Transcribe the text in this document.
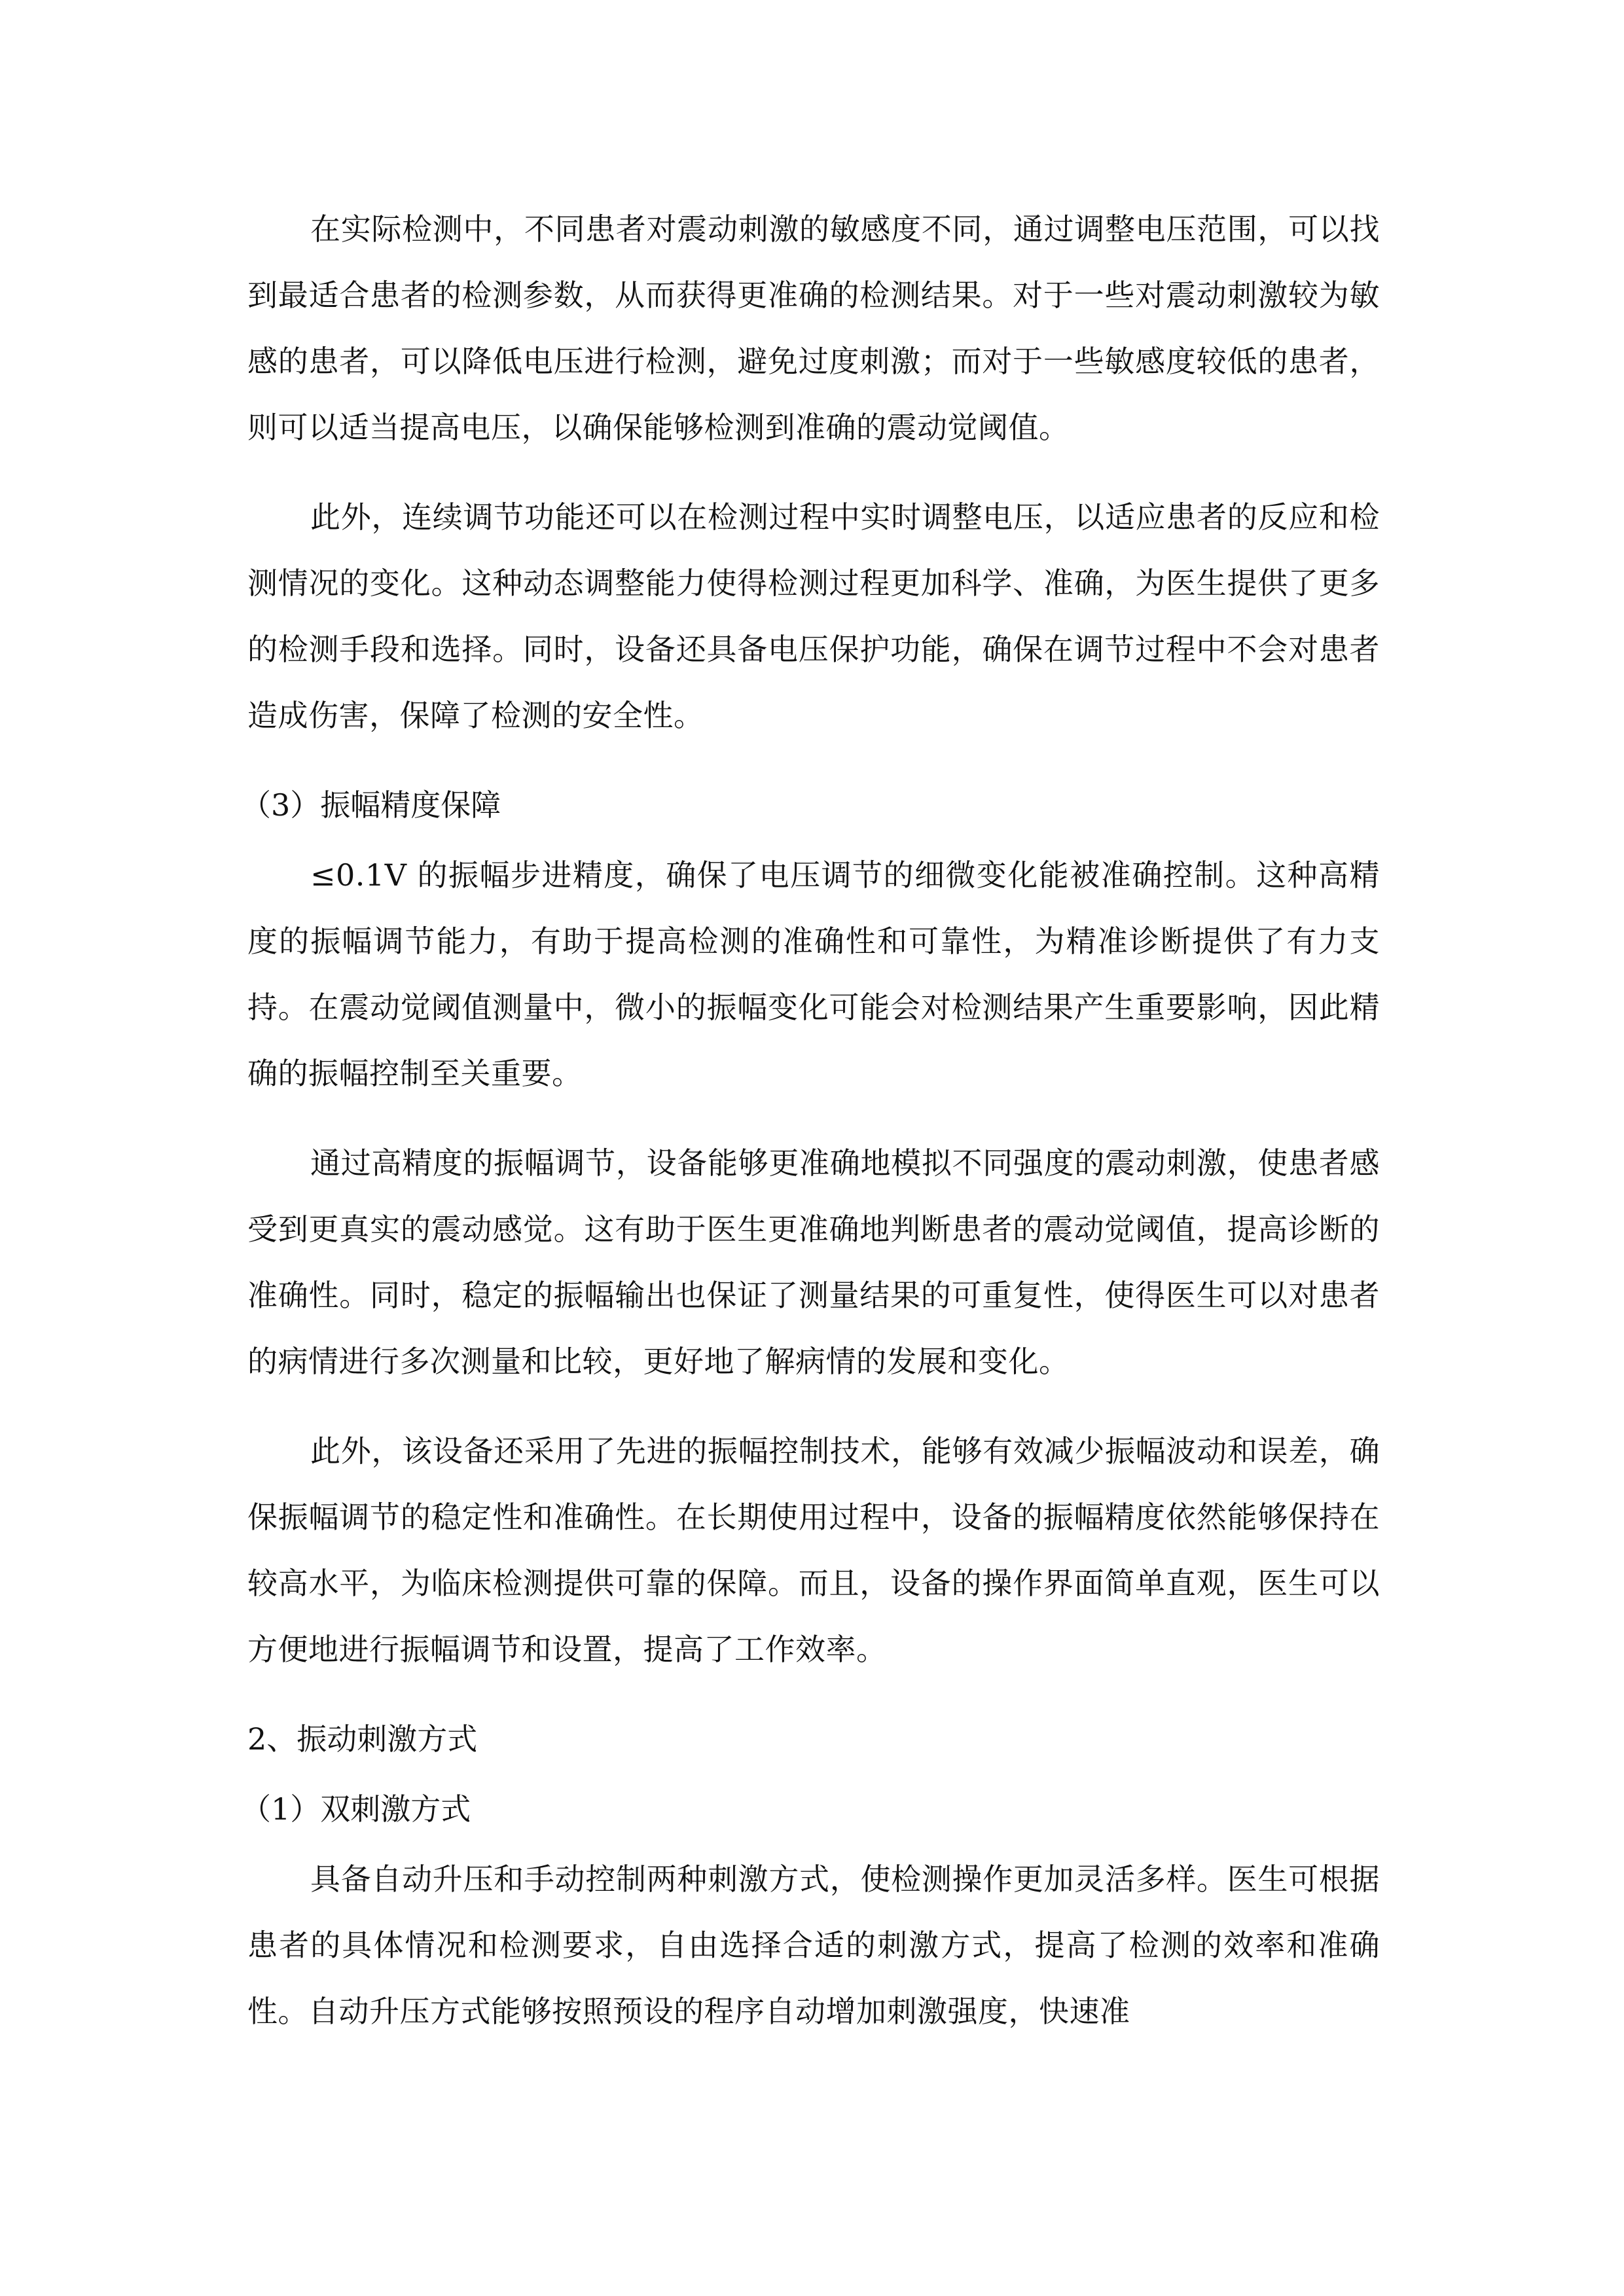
在实际检测中，不同患者对震动刺激的敏感度不同，通过调整电压范围，可以找到最适合患者的检测参数，从而获得更准确的检测结果。对于一些对震动刺激较为敏感的患者，可以降低电压进行检测，避免过度刺激；而对于一些敏感度较低的患者，则可以适当提高电压，以确保能够检测到准确的震动觉阈值。

此外，连续调节功能还可以在检测过程中实时调整电压，以适应患者的反应和检测情况的变化。这种动态调整能力使得检测过程更加科学、准确，为医生提供了更多的检测手段和选择。同时，设备还具备电压保护功能，确保在调节过程中不会对患者造成伤害，保障了检测的安全性。

（3）振幅精度保障

≤0.1V 的振幅步进精度，确保了电压调节的细微变化能被准确控制。这种高精度的振幅调节能力，有助于提高检测的准确性和可靠性，为精准诊断提供了有力支持。在震动觉阈值测量中，微小的振幅变化可能会对检测结果产生重要影响，因此精确的振幅控制至关重要。

通过高精度的振幅调节，设备能够更准确地模拟不同强度的震动刺激，使患者感受到更真实的震动感觉。这有助于医生更准确地判断患者的震动觉阈值，提高诊断的准确性。同时，稳定的振幅输出也保证了测量结果的可重复性，使得医生可以对患者的病情进行多次测量和比较，更好地了解病情的发展和变化。

此外，该设备还采用了先进的振幅控制技术，能够有效减少振幅波动和误差，确保振幅调节的稳定性和准确性。在长期使用过程中，设备的振幅精度依然能够保持在较高水平，为临床检测提供可靠的保障。而且，设备的操作界面简单直观，医生可以方便地进行振幅调节和设置，提高了工作效率。

2、振动刺激方式

（1）双刺激方式

具备自动升压和手动控制两种刺激方式，使检测操作更加灵活多样。医生可根据患者的具体情况和检测要求，自由选择合适的刺激方式，提高了检测的效率和准确性。自动升压方式能够按照预设的程序自动增加刺激强度，快速准
